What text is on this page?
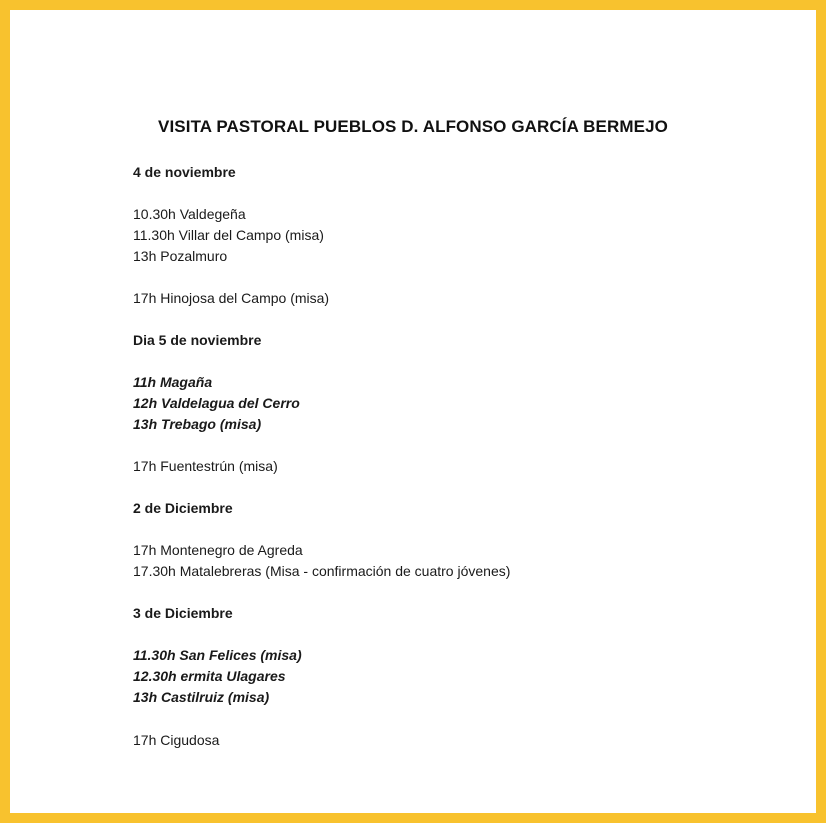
VISITA PASTORAL PUEBLOS D. ALFONSO GARCÍA BERMEJO
4 de noviembre
10.30h Valdegeña
11.30h Villar del Campo (misa)
13h Pozalmuro
17h Hinojosa del Campo (misa)
Dia 5 de noviembre
11h Magaña
12h Valdelagua del Cerro
13h Trebago (misa)
17h Fuentestrún (misa)
2 de Diciembre
17h Montenegro de Agreda
17.30h Matalebreras (Misa - confirmación de cuatro jóvenes)
3 de Diciembre
11.30h San Felices (misa)
12.30h ermita Ulagares
13h Castilruiz (misa)
17h Cigudosa
